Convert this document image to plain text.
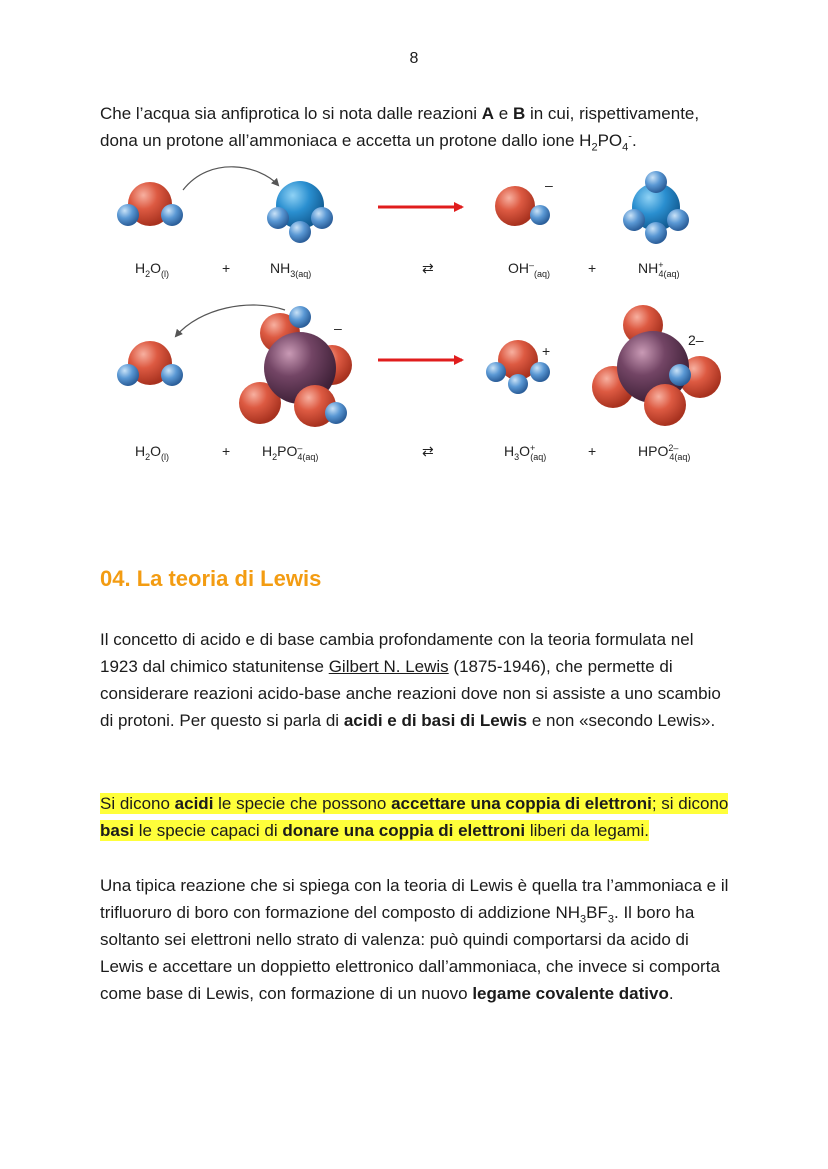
8

Che l’acqua sia anfiprotica lo si nota dalle reazioni A e B in cui, rispettivamente, dona un protone all’ammoniaca e accetta un protone dallo ione $H_2PO_4^-$.

–
$H_2O_{(l)}$	+	$NH_{3(aq)}$	⇄	$OH^-_{(aq)}$	+	NH+ 4(aq)
–
+
2–
$H_2O_{(l)}$	+ $H_2PO^-$ 4(aq)	⇄	$H_3O^+$ (aq)	+	$HPO^{2-}$ 4(aq)
04. La teoria di Lewis

Il concetto di acido e di base cambia profondamente con la teoria formulata nel 1923 dal chimico statunitense Gilbert N. Lewis (1875-1946), che permette di considerare reazioni acido-base anche reazioni dove non si assiste a uno scambio di protoni. Per questo si parla di acidi e di basi di Lewis e non «secondo Lewis».

Si dicono acidi le specie che possono accettare una coppia di elettroni; si dicono basi le specie capaci di donare una coppia di elettroni liberi da legami.

Una tipica reazione che si spiega con la teoria di Lewis è quella tra l’ammoniaca e il trifluoruro di boro con formazione del composto di addizione $NH_3BF_3$. Il boro ha soltanto sei elettroni nello strato di valenza: può quindi comportarsi da acido di Lewis e accettare un doppietto elettronico dall’ammoniaca, che invece si comporta come base di Lewis, con formazione di un nuovo legame covalente dativo.
